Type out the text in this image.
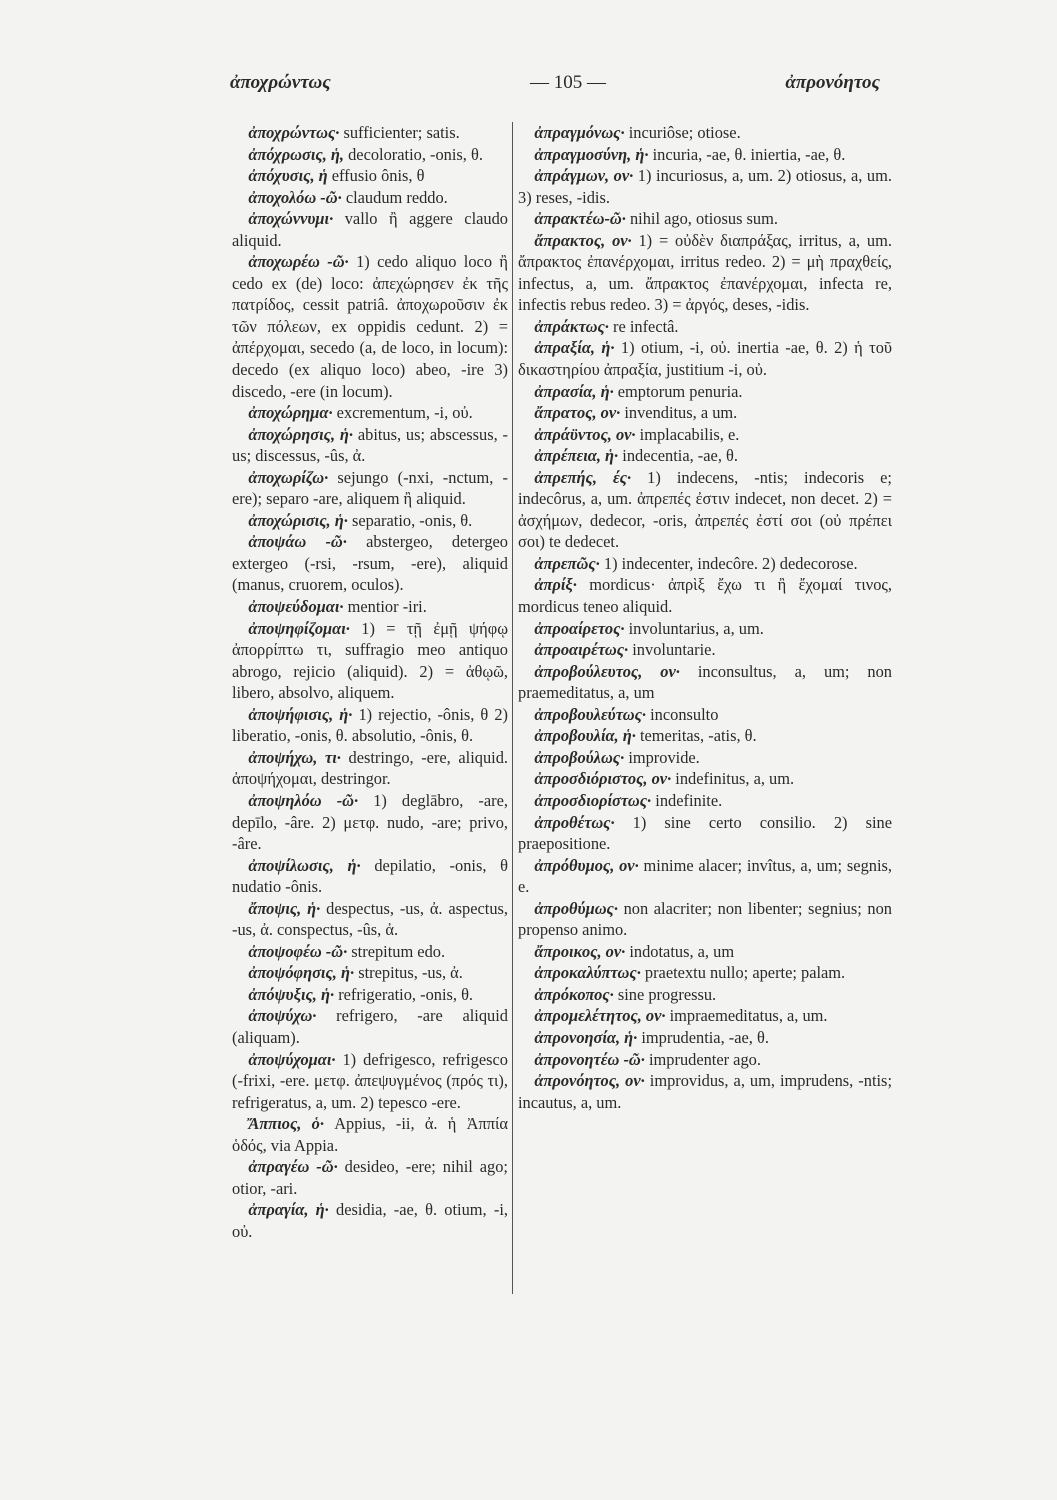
ἀποχρώντως	— 105 —	ἀπρονόητος

ἀποχρώντως· sufficienter; satis.

ἀπόχρωσις, ἡ, decoloratio, -onis, θ.

ἀπόχυσις, ἡ effusio ônis, θ

ἀποχολόω -ῶ· claudum reddo.

ἀποχώννυμι· vallo ἢ aggere claudo aliquid.

ἀποχωρέω -ῶ· 1) cedo aliquo loco ἢ cedo ex (de) loco: ἀπεχώρησεν ἐκ τῆς πατρίδος, cessit patriâ. ἀποχωροῦσιν ἐκ τῶν πόλεων, ex oppidis cedunt. 2) = ἀπέρχομαι, secedo (a, de loco, in locum): decedo (ex aliquo loco) abeo, -ire 3) discedo, -ere (in locum).

ἀποχώρημα· excrementum, -i, οὐ.

ἀποχώρησις, ἡ· abitus, us; abscessus, -us; discessus, -ûs, ἀ.

ἀποχωρίζω· sejungo (-nxi, -nctum, -ere); separo -are, aliquem ἢ aliquid.

ἀποχώρισις, ἡ· separatio, -onis, θ.

ἀποψάω -ῶ· abstergeo, detergeo extergeo (-rsi, -rsum, -ere), aliquid (manus, cruorem, oculos).

ἀποψεύδομαι· mentior -iri.

ἀποψηφίζομαι· 1) = τῇ ἐμῇ ψήφῳ ἀπορρίπτω τι, suffragio meo antiquo abrogo, rejicio (aliquid). 2) = ἀθῳῶ, libero, absolvo, aliquem.

ἀποψήφισις, ἡ· 1) rejectio, -ônis, θ 2) liberatio, -onis, θ. absolutio, -ônis, θ.

ἀποψήχω, τι· destringo, -ere, aliquid. ἀποψήχομαι, destringor.

ἀποψηλόω -ῶ· 1) deglābro, -are, depīlo, -âre. 2) μετφ. nudo, -are; privo, -âre.

ἀποψίλωσις, ἡ· depilatio, -onis, θ nudatio -ônis.

ἄποψις, ἡ· despectus, -us, ἀ. aspectus, -us, ἀ. conspectus, -ûs, ἀ.

ἀποψοφέω -ῶ· strepitum edo.

ἀποψόφησις, ἡ· strepitus, -us, ἀ.

ἀπόψυξις, ἡ· refrigeratio, -onis, θ.

ἀποψύχω· refrigero, -are aliquid (aliquam).

ἀποψύχομαι· 1) defrigesco, refrigesco (-frixi, -ere. μετφ. ἀπεψυγμένος (πρός τι), refrigeratus, a, um. 2) tepesco -ere.

Ἄππιος, ὁ· Appius, -ii, ἀ. ἡ Ἀππία ὁδός, via Appia.

ἀπραγέω -ῶ· desideo, -ere; nihil ago; otior, -ari.

ἀπραγία, ἡ· desidia, -ae, θ. otium, -i, οὐ.

ἀπραγμόνως· incuriôse; otiose.

ἀπραγμοσύνη, ἡ· incuria, -ae, θ. iniertia, -ae, θ.

ἀπράγμων, ον· 1) incuriosus, a, um. 2) otiosus, a, um. 3) reses, -idis.

ἀπρακτέω-ῶ· nihil ago, otiosus sum.

ἄπρακτος, ον· 1) = οὐδὲν διαπράξας, irritus, a, um. ἄπρακτος ἐπανέρχομαι, irritus redeo. 2) = μὴ πραχθείς, infectus, a, um. ἄπρακτος ἐπανέρχομαι, infecta re, infectis rebus redeo. 3) = ἀργός, deses, -idis.

ἀπράκτως· re infectâ.

ἀπραξία, ἡ· 1) otium, -i, οὐ. inertia -ae, θ. 2) ἡ τοῦ δικαστηρίου ἀπραξία, justitium -i, οὐ.

ἀπρασία, ἡ· emptorum penuria.

ἄπρατος, ον· invenditus, a um.

ἀπράϋντος, ον· implacabilis, e.

ἀπρέπεια, ἡ· indecentia, -ae, θ.

ἀπρεπής, ές· 1) indecens, -ntis; indecoris e; indecôrus, a, um. ἀπρεπές ἐστιν indecet, non decet. 2) = ἀσχήμων, dedecor, -oris, ἀπρεπές ἐστί σοι (οὐ πρέπει σοι) te dedecet.

ἀπρεπῶς· 1) indecenter, indecôre. 2) dedecorose.

ἀπρίξ· mordicus· ἀπρὶξ ἔχω τι ἢ ἔχομαί τινος, mordicus teneo aliquid.

ἀπροαίρετος· involuntarius, a, um.

ἀπροαιρέτως· involuntarie.

ἀπροβούλευτος, ον· inconsultus, a, um; non praemeditatus, a, um

ἀπροβουλεύτως· inconsulto

ἀπροβουλία, ἡ· temeritas, -atis, θ.

ἀπροβούλως· improvide.

ἀπροσδιόριστος, ον· indefinitus, a, um.

ἀπροσδιορίστως· indefinite.

ἀπροθέτως· 1) sine certo consilio. 2) sine praepositione.

ἀπρόθυμος, ον· minime alacer; invîtus, a, um; segnis, e.

ἀπροθύμως· non alacriter; non libenter; segnius; non propenso animo.

ἄπροικος, ον· indotatus, a, um

ἀπροκαλύπτως· praetextu nullo; aperte; palam.

ἀπρόκοπος· sine progressu.

ἀπρομελέτητος, ον· impraemeditatus, a, um.

ἀπρονοησία, ἡ· imprudentia, -ae, θ.

ἀπρονοητέω -ῶ· imprudenter ago.

ἀπρονόητος, ον· improvidus, a, um, imprudens, -ntis; incautus, a, um.
